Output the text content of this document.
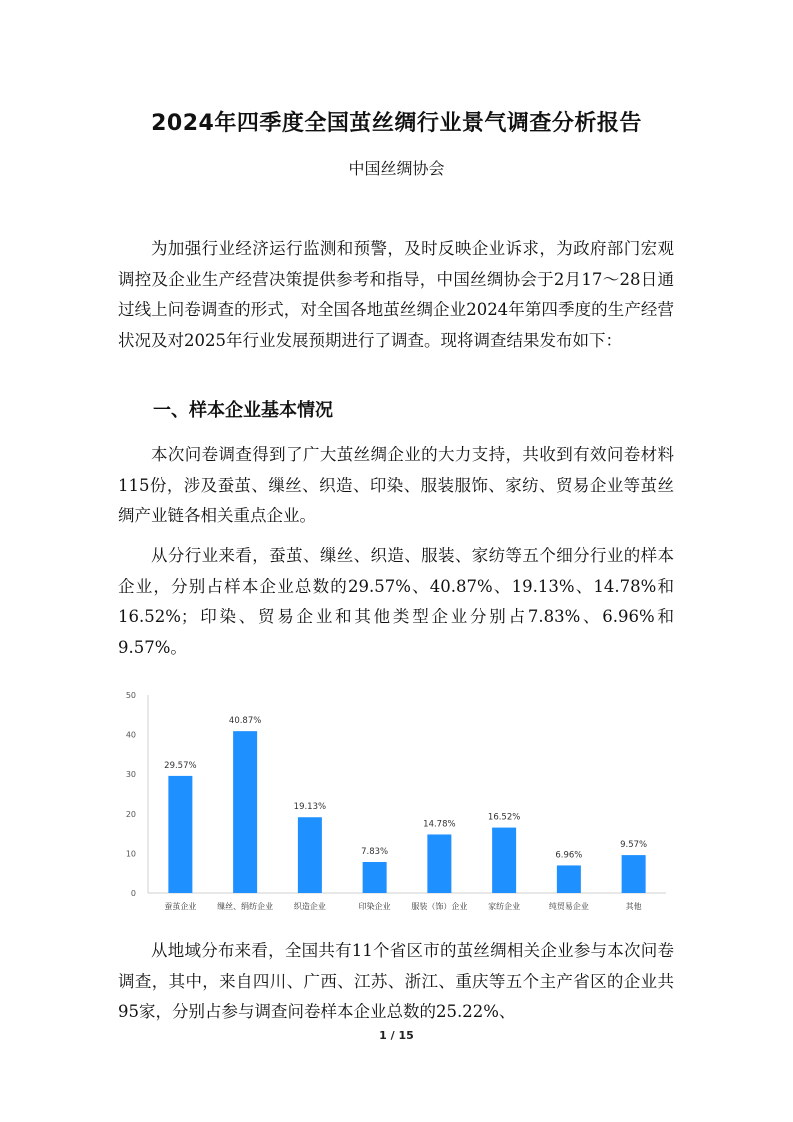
2024年四季度全国茧丝绸行业景气调查分析报告
中国丝绸协会

为加强行业经济运行监测和预警，及时反映企业诉求，为政府部门宏观调控及企业生产经营决策提供参考和指导，中国丝绸协会于2月17～28日通过线上问卷调查的形式，对全国各地茧丝绸企业2024年第四季度的生产经营状况及对2025年行业发展预期进行了调查。现将调查结果发布如下：

一、样本企业基本情况

本次问卷调查得到了广大茧丝绸企业的大力支持，共收到有效问卷材料115份，涉及蚕茧、缫丝、织造、印染、服装服饰、家纺、贸易企业等茧丝绸产业链各相关重点企业。

从分行业来看，蚕茧、缫丝、织造、服装、家纺等五个细分行业的样本企业，分别占样本企业总数的29.57%、40.87%、19.13%、14.78%和16.52%；印染、贸易企业和其他类型企业分别占7.83%、6.96%和9.57%。

0
10
20
30
40
50
29.57%
蚕茧企业
40.87%
缫丝、绢纺企业
19.13%
织造企业
7.83%
印染企业
14.78%
服装（饰）企业
16.52%
家纺企业
6.96%
纯贸易企业
9.57%
其他

从地域分布来看，全国共有11个省区市的茧丝绸相关企业参与本次问卷调查，其中，来自四川、广西、江苏、浙江、重庆等五个主产省区的企业共95家，分别占参与调查问卷样本企业总数的25.22%、

1 / 15
